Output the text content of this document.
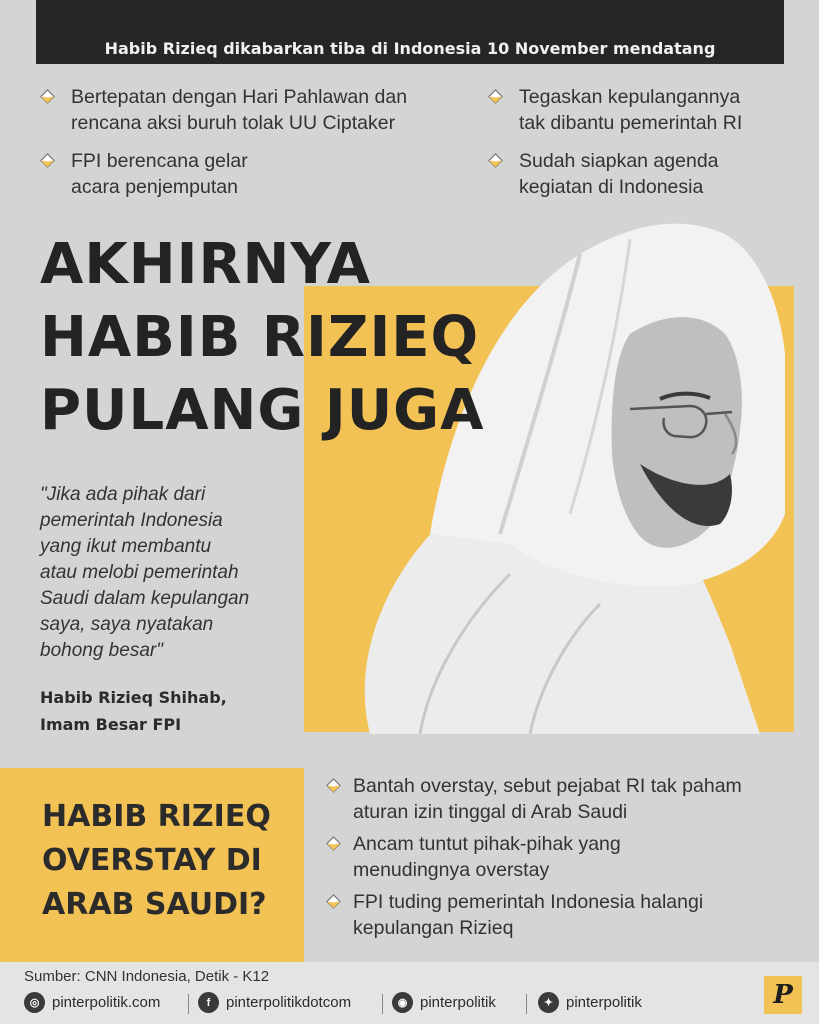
Habib Rizieq dikabarkan tiba di Indonesia 10 November mendatang
Bertepatan dengan Hari Pahlawan dan
rencana aksi buruh tolak UU Ciptaker
FPI berencana gelar
acara penjemputan
Tegaskan kepulangannya
tak dibantu pemerintah RI
Sudah siapkan agenda
kegiatan di Indonesia
AKHIRNYA
HABIB RIZIEQ
PULANG JUGA
"Jika ada pihak dari
pemerintah Indonesia
yang ikut membantu
atau melobi pemerintah
Saudi dalam kepulangan
saya, saya nyatakan
bohong besar"
Habib Rizieq Shihab,
Imam Besar FPI
HABIB RIZIEQ
OVERSTAY DI
ARAB SAUDI?
Bantah overstay, sebut pejabat RI tak paham
aturan izin tinggal di Arab Saudi
Ancam tuntut pihak-pihak yang
menudingnya overstay
FPI tuding pemerintah Indonesia halangi
kepulangan Rizieq
Sumber: CNN Indonesia, Detik - K12
◎ pinterpolitik.com	f	pinterpolitikdotcom	◉ pinterpolitik	✦ pinterpolitik	P
